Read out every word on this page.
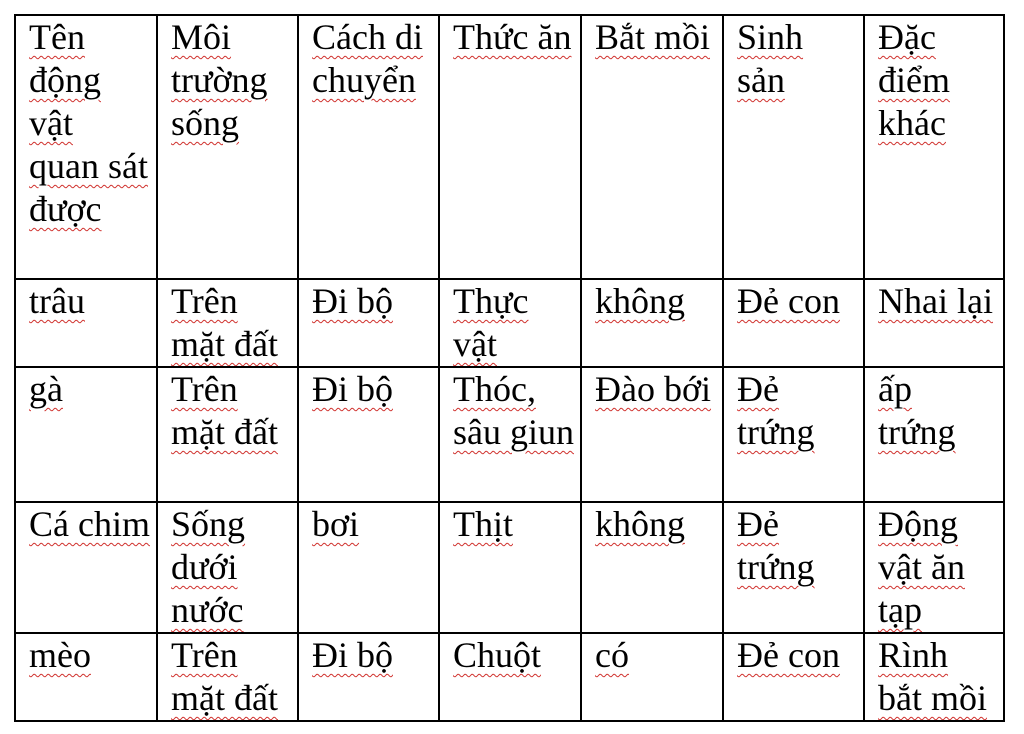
Tên động vật quan sát được	Môi trường sống	Cách di chuyển	Thức ăn	Bắt mồi	Sinh sản	Đặc điểm khác
trâu	Trên mặt đất	Đi bộ	Thực vật	không	Đẻ con	Nhai lại
gà	Trên mặt đất	Đi bộ	Thóc, sâu giun	Đào bới	Đẻ trứng	ấp trứng
Cá chim	Sống dưới nước	bơi	Thịt	không	Đẻ trứng	Động vật ăn tạp
mèo	Trên mặt đất	Đi bộ	Chuột	có	Đẻ con	Rình bắt mồi
